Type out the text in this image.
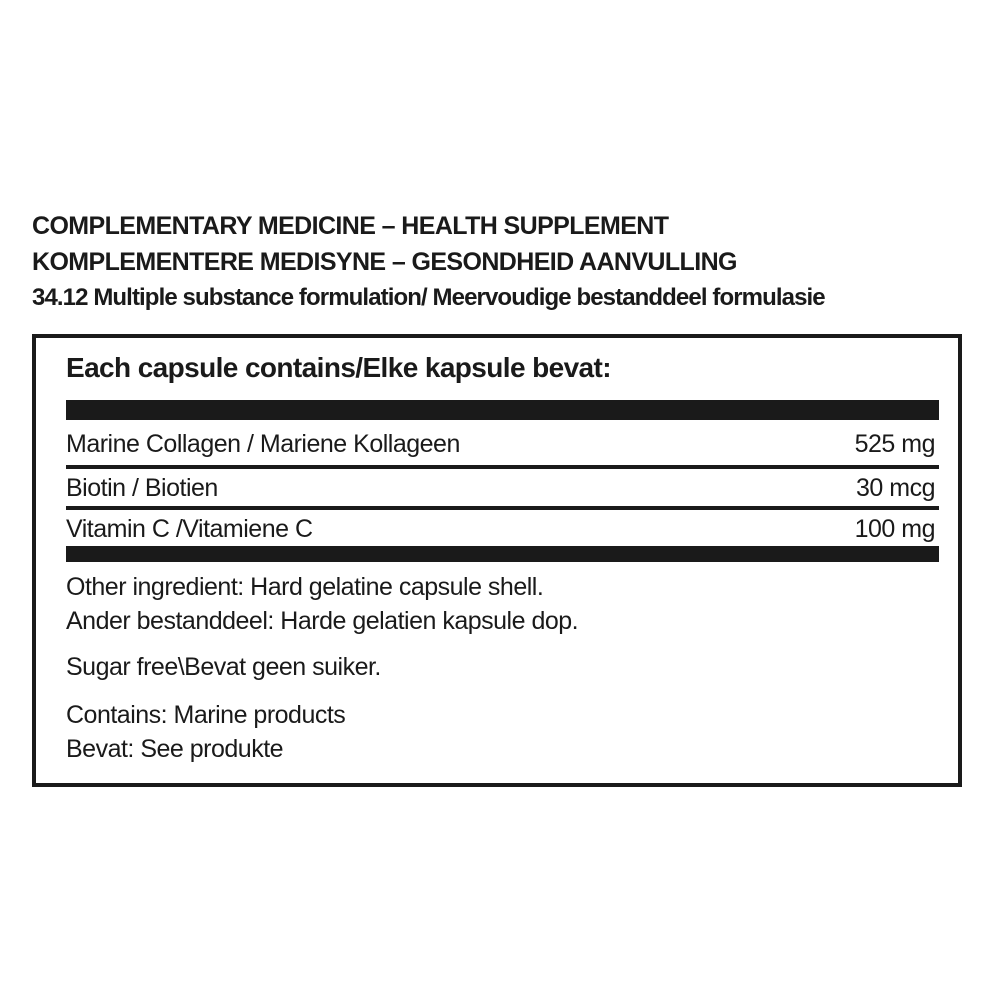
COMPLEMENTARY MEDICINE – HEALTH SUPPLEMENT
KOMPLEMENTERE MEDISYNE – GESONDHEID AANVULLING
34.12 Multiple substance formulation/ Meervoudige bestanddeel formulasie
Each capsule contains/Elke kapsule bevat:
Marine Collagen / Mariene Kollageen	525 mg
Biotin / Biotien	30 mcg
Vitamin C /Vitamiene C	100 mg
Other ingredient: Hard gelatine capsule shell.
Ander bestanddeel: Harde gelatien kapsule dop.
Sugar free\Bevat geen suiker.
Contains: Marine products
Bevat: See produkte
